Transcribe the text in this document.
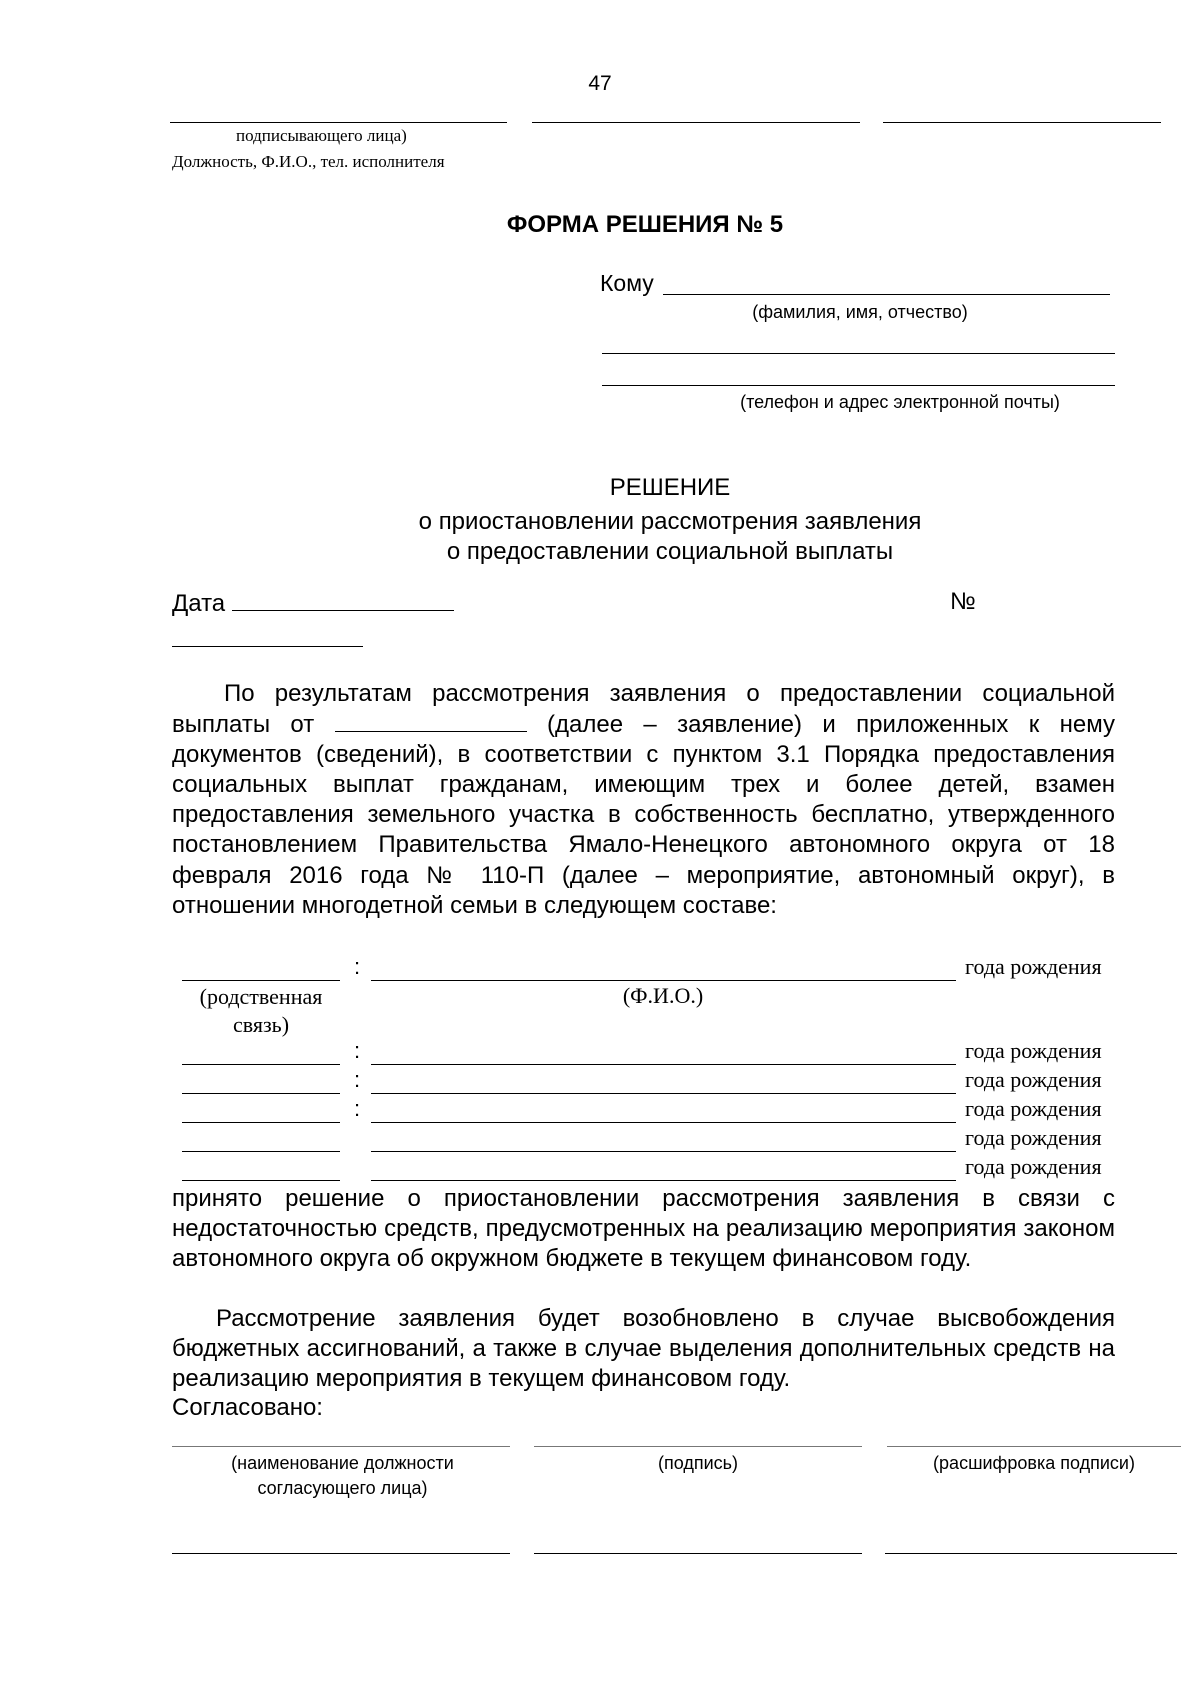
47
подписывающего лица)
Должность, Ф.И.О., тел. исполнителя
ФОРМА РЕШЕНИЯ № 5
Кому
(фамилия, имя, отчество)
(телефон и адрес электронной почты)
РЕШЕНИЕ
о приостановлении рассмотрения заявления
о предоставлении социальной выплаты
Дата	№

По результатам рассмотрения заявления о предоставлении социальной выплаты от	(далее – заявление) и приложенных к нему документов (сведений), в соответствии с пунктом 3.1 Порядка предоставления социальных выплат гражданам, имеющим трех и более детей, взамен предоставления земельного участка в собственность бесплатно, утвержденного постановлением Правительства Ямало-Ненецкого автономного округа от 18 февраля 2016 года № 110-П (далее – мероприятие, автономный округ), в отношении многодетной семьи в следующем составе:

:	года рождения
(родственная связь)
(Ф.И.О.)
:	года рождения
:	года рождения
:	года рождения
года рождения
года рождения

принято решение о приостановлении рассмотрения заявления в связи с недостаточностью средств, предусмотренных на реализацию мероприятия законом автономного округа об окружном бюджете в текущем финансовом году.

Рассмотрение заявления будет возобновлено в случае высвобождения бюджетных ассигнований, а также в случае выделения дополнительных средств на реализацию мероприятия в текущем финансовом году.

Согласовано:
(наименование должности согласующего лица)
(подпись)	(расшифровка подписи)
